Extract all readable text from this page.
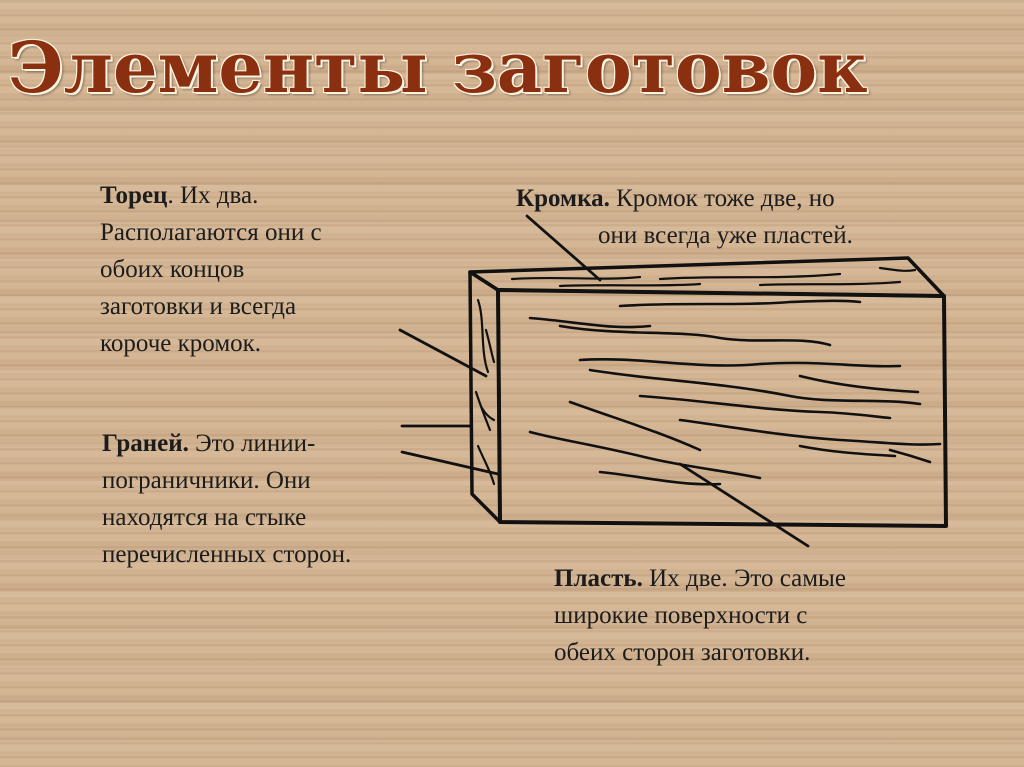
Элементы заготовок
Торец. Их два.
Располагаются они с
обоих концов
заготовки и всегда
короче кромок.
Кромка. Кромок тоже две, но
они всегда уже пластей.
Граней. Это линии-
пограничники. Они
находятся на стыке
перечисленных сторон.
Пласть. Их две. Это самые
широкие поверхности с
обеих сторон заготовки.
